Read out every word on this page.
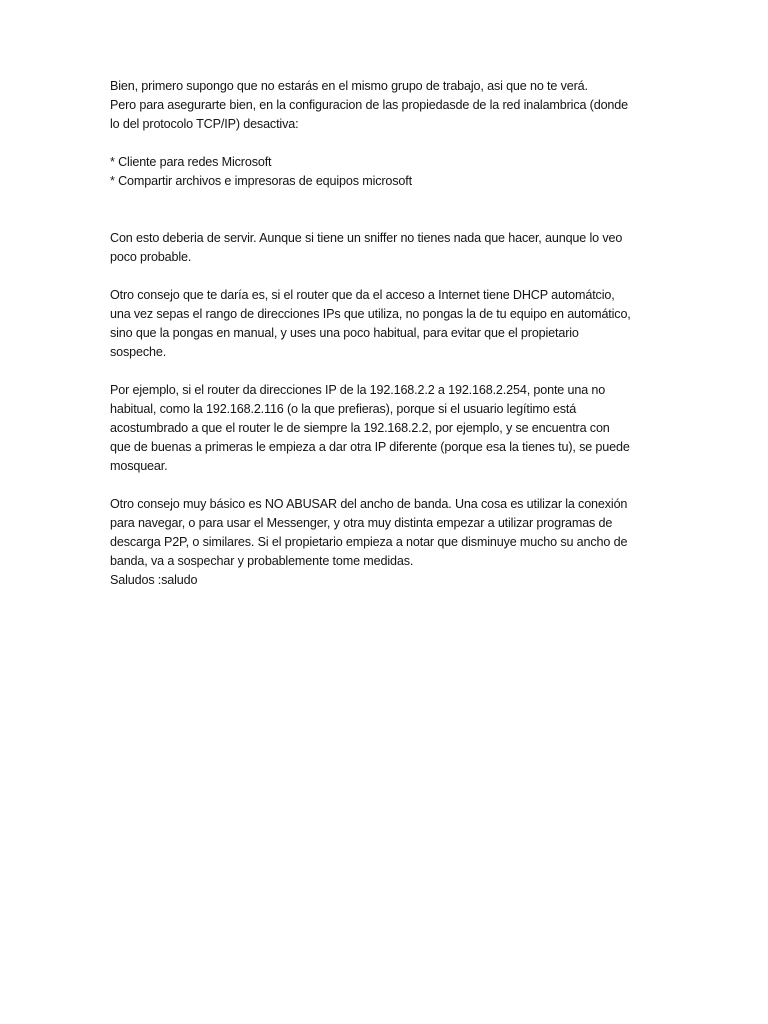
Bien, primero supongo que no estarás en el mismo grupo de trabajo, asi que no te verá.
Pero para asegurarte bien, en la configuracion de las propiedasde de la red inalambrica (donde
lo del protocolo TCP/IP) desactiva:
* Cliente para redes Microsoft
* Compartir archivos e impresoras de equipos microsoft
Con esto deberia de servir. Aunque si tiene un sniffer no tienes nada que hacer, aunque lo veo
poco probable.
Otro consejo que te daría es, si el router que da el acceso a Internet tiene DHCP automátcio,
una vez sepas el rango de direcciones IPs que utiliza, no pongas la de tu equipo en automático,
sino que la pongas en manual, y uses una poco habitual, para evitar que el propietario
sospeche.
Por ejemplo, si el router da direcciones IP de la 192.168.2.2 a 192.168.2.254, ponte una no
habitual, como la 192.168.2.116 (o la que prefieras), porque si el usuario legítimo está
acostumbrado a que el router le de siempre la 192.168.2.2, por ejemplo, y se encuentra con
que de buenas a primeras le empieza a dar otra IP diferente (porque esa la tienes tu), se puede
mosquear.
Otro consejo muy básico es NO ABUSAR del ancho de banda. Una cosa es utilizar la conexión
para navegar, o para usar el Messenger, y otra muy distinta empezar a utilizar programas de
descarga P2P, o similares. Si el propietario empieza a notar que disminuye mucho su ancho de
banda, va a sospechar y probablemente tome medidas.
Saludos :saludo
